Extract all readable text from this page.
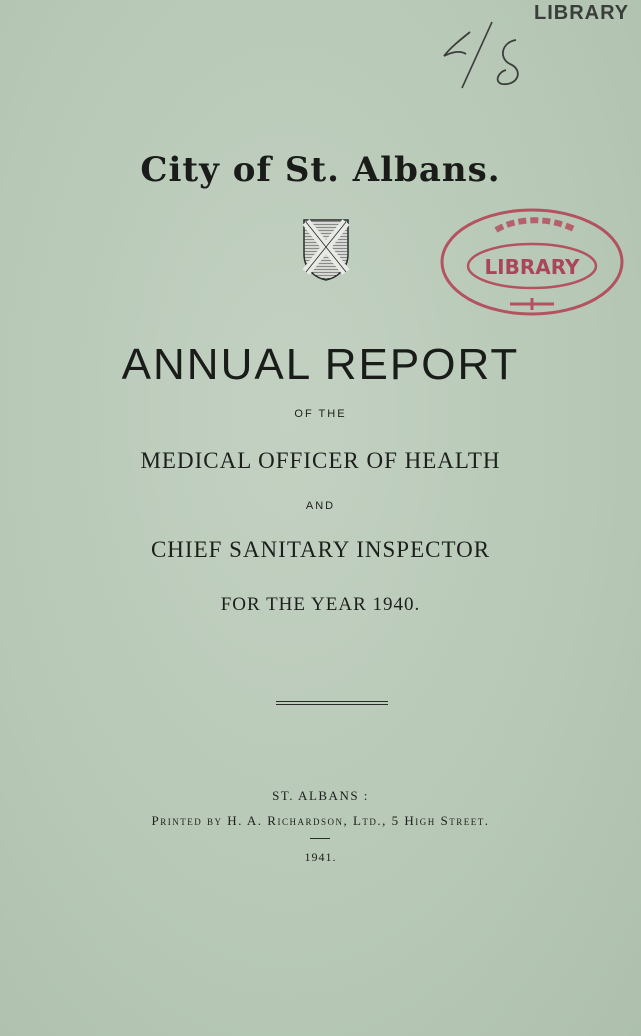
LIBRARY
City of St. Albans.
LIBRARY
ANNUAL REPORT
OF THE
MEDICAL OFFICER OF HEALTH
AND
CHIEF SANITARY INSPECTOR
FOR THE YEAR 1940.
ST. ALBANS :
Printed by H. A. Richardson, Ltd., 5 High Street.
1941.
